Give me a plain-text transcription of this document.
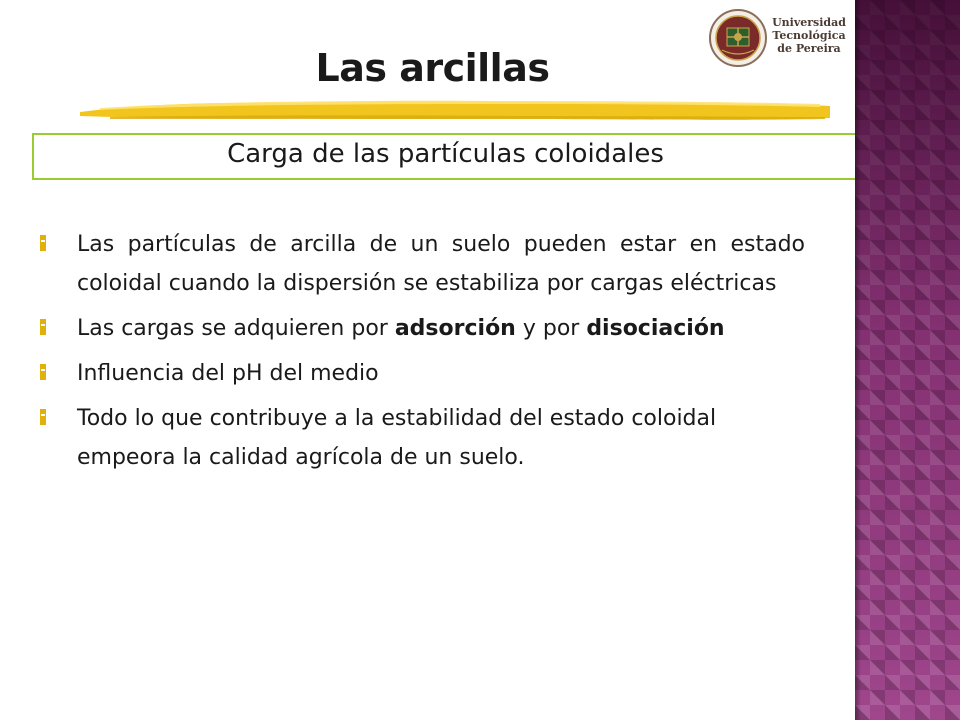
Universidad
Tecnológica
de Pereira
Las arcillas
Carga de las partículas coloidales
Las partículas de arcilla de un suelo pueden estar en estado coloidal cuando la dispersión se estabiliza por cargas eléctricas
Las cargas se adquieren por adsorción y por disociación
Influencia del pH del medio
Todo lo que contribuye a la estabilidad del estado coloidal empeora la calidad agrícola de un suelo.
